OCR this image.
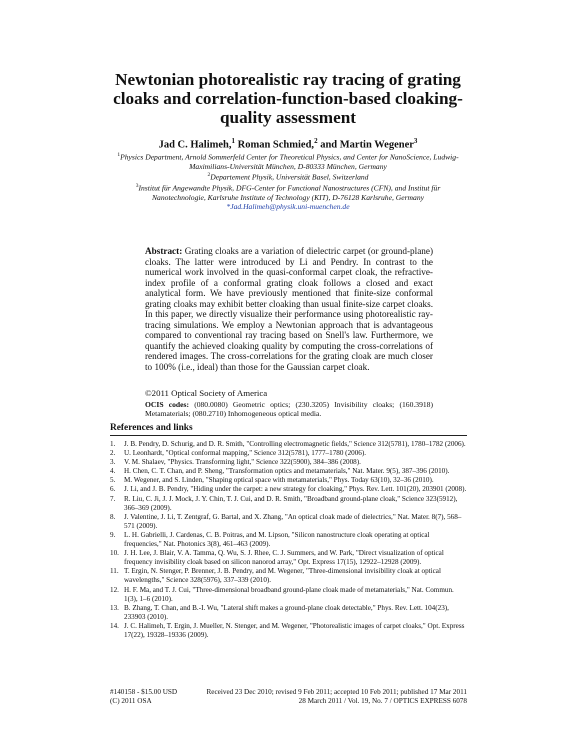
Newtonian photorealistic ray tracing of grating cloaks and correlation-function-based cloaking-quality assessment
Jad C. Halimeh,$^1$ Roman Schmied,$^2$ and Martin Wegener$^3$
$^1$Physics Department, Arnold Sommerfeld Center for Theoretical Physics, and Center for NanoScience, Ludwig-Maximilians-Universität München, D-80333 München, Germany
$^2$Departement Physik, Universität Basel, Switzerland
$^3$Institut für Angewandte Physik, DFG-Center for Functional Nanostructures (CFN), and Institut für Nanotechnologie, Karlsruhe Institute of Technology (KIT), D-76128 Karlsruhe, Germany
*Jad.Halimeh@physik.uni-muenchen.de
Abstract: Grating cloaks are a variation of dielectric carpet (or ground-plane) cloaks. The latter were introduced by Li and Pendry. In contrast to the numerical work involved in the quasi-conformal carpet cloak, the refractive-index profile of a conformal grating cloak follows a closed and exact analytical form. We have previously mentioned that finite-size conformal grating cloaks may exhibit better cloaking than usual finite-size carpet cloaks. In this paper, we directly visualize their performance using photorealistic ray-tracing simulations. We employ a Newtonian approach that is advantageous compared to conventional ray tracing based on Snell's law. Furthermore, we quantify the achieved cloaking quality by computing the cross-correlations of rendered images. The cross-correlations for the grating cloak are much closer to 100% (i.e., ideal) than those for the Gaussian carpet cloak.
©2011 Optical Society of America
OCIS codes: (080.0080) Geometric optics; (230.3205) Invisibility cloaks; (160.3918) Metamaterials; (080.2710) Inhomogeneous optical media.
References and links
1. J. B. Pendry, D. Schurig, and D. R. Smith, "Controlling electromagnetic fields," Science 312(5781), 1780–1782 (2006).
2. U. Leonhardt, "Optical conformal mapping," Science 312(5781), 1777–1780 (2006).
3. V. M. Shalaev, "Physics. Transforming light," Science 322(5900), 384–386 (2008).
4. H. Chen, C. T. Chan, and P. Sheng, "Transformation optics and metamaterials," Nat. Mater. 9(5), 387–396 (2010).
5. M. Wegener, and S. Linden, "Shaping optical space with metamaterials," Phys. Today 63(10), 32–36 (2010).
6. J. Li, and J. B. Pendry, "Hiding under the carpet: a new strategy for cloaking," Phys. Rev. Lett. 101(20), 203901 (2008).
7. R. Liu, C. Ji, J. J. Mock, J. Y. Chin, T. J. Cui, and D. R. Smith, "Broadband ground-plane cloak," Science 323(5912), 366–369 (2009).
8. J. Valentine, J. Li, T. Zentgraf, G. Bartal, and X. Zhang, "An optical cloak made of dielectrics," Nat. Mater. 8(7), 568–571 (2009).
9. L. H. Gabrielli, J. Cardenas, C. B. Poitras, and M. Lipson, "Silicon nanostructure cloak operating at optical frequencies," Nat. Photonics 3(8), 461–463 (2009).
10. J. H. Lee, J. Blair, V. A. Tamma, Q. Wu, S. J. Rhee, C. J. Summers, and W. Park, "Direct visualization of optical frequency invisibility cloak based on silicon nanorod array," Opt. Express 17(15), 12922–12928 (2009).
11. T. Ergin, N. Stenger, P. Brenner, J. B. Pendry, and M. Wegener, "Three-dimensional invisibility cloak at optical wavelengths," Science 328(5976), 337–339 (2010).
12. H. F. Ma, and T. J. Cui, "Three-dimensional broadband ground-plane cloak made of metamaterials," Nat. Commun. 1(3), 1–6 (2010).
13. B. Zhang, T. Chan, and B.-I. Wu, "Lateral shift makes a ground-plane cloak detectable," Phys. Rev. Lett. 104(23), 233903 (2010).
14. J. C. Halimeh, T. Ergin, J. Mueller, N. Stenger, and M. Wegener, "Photorealistic images of carpet cloaks," Opt. Express 17(22), 19328–19336 (2009).
#140158 - $15.00 USD	Received 23 Dec 2010; revised 9 Feb 2011; accepted 10 Feb 2011; published 17 Mar 2011
(C) 2011 OSA	28 March 2011 / Vol. 19, No. 7 / OPTICS EXPRESS 6078
